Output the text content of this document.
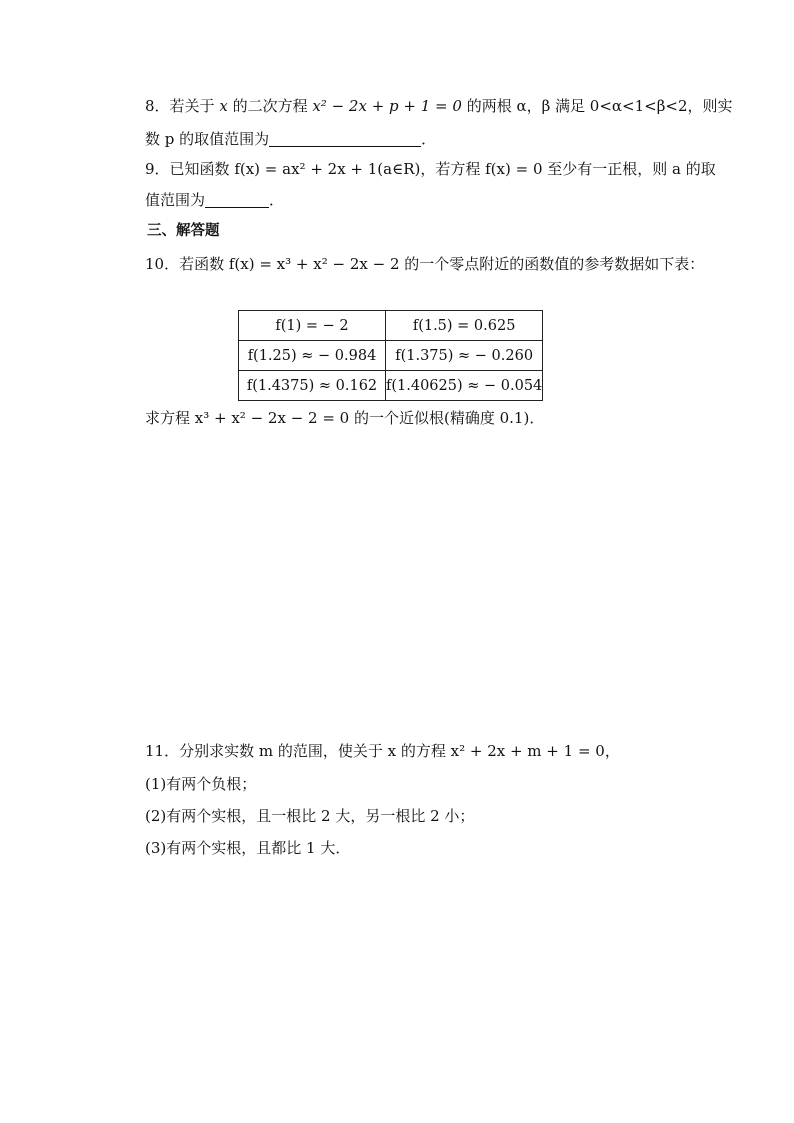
8．若关于 x 的二次方程 x² − 2x + p + 1 = 0 的两根 α，β 满足 0<α<1<β<2，则实
数 p 的取值范围为	．
9．已知函数 f(x) = ax² + 2x + 1(a∈R)，若方程 f(x) = 0 至少有一正根，则 a 的取
值范围为	．
三、解答题
10．若函数 f(x) = x³ + x² − 2x − 2 的一个零点附近的函数值的参考数据如下表：
f(1) = − 2	f(1.5) = 0.625
f(1.25) ≈ − 0.984	f(1.375) ≈ − 0.260
f(1.4375) ≈ 0.162	f(1.40625) ≈ − 0.054
求方程 x³ + x² − 2x − 2 = 0 的一个近似根(精确度 0.1)．
11．分别求实数 m 的范围，使关于 x 的方程 x² + 2x + m + 1 = 0，
(1)有两个负根；
(2)有两个实根，且一根比 2 大，另一根比 2 小；
(3)有两个实根，且都比 1 大．
